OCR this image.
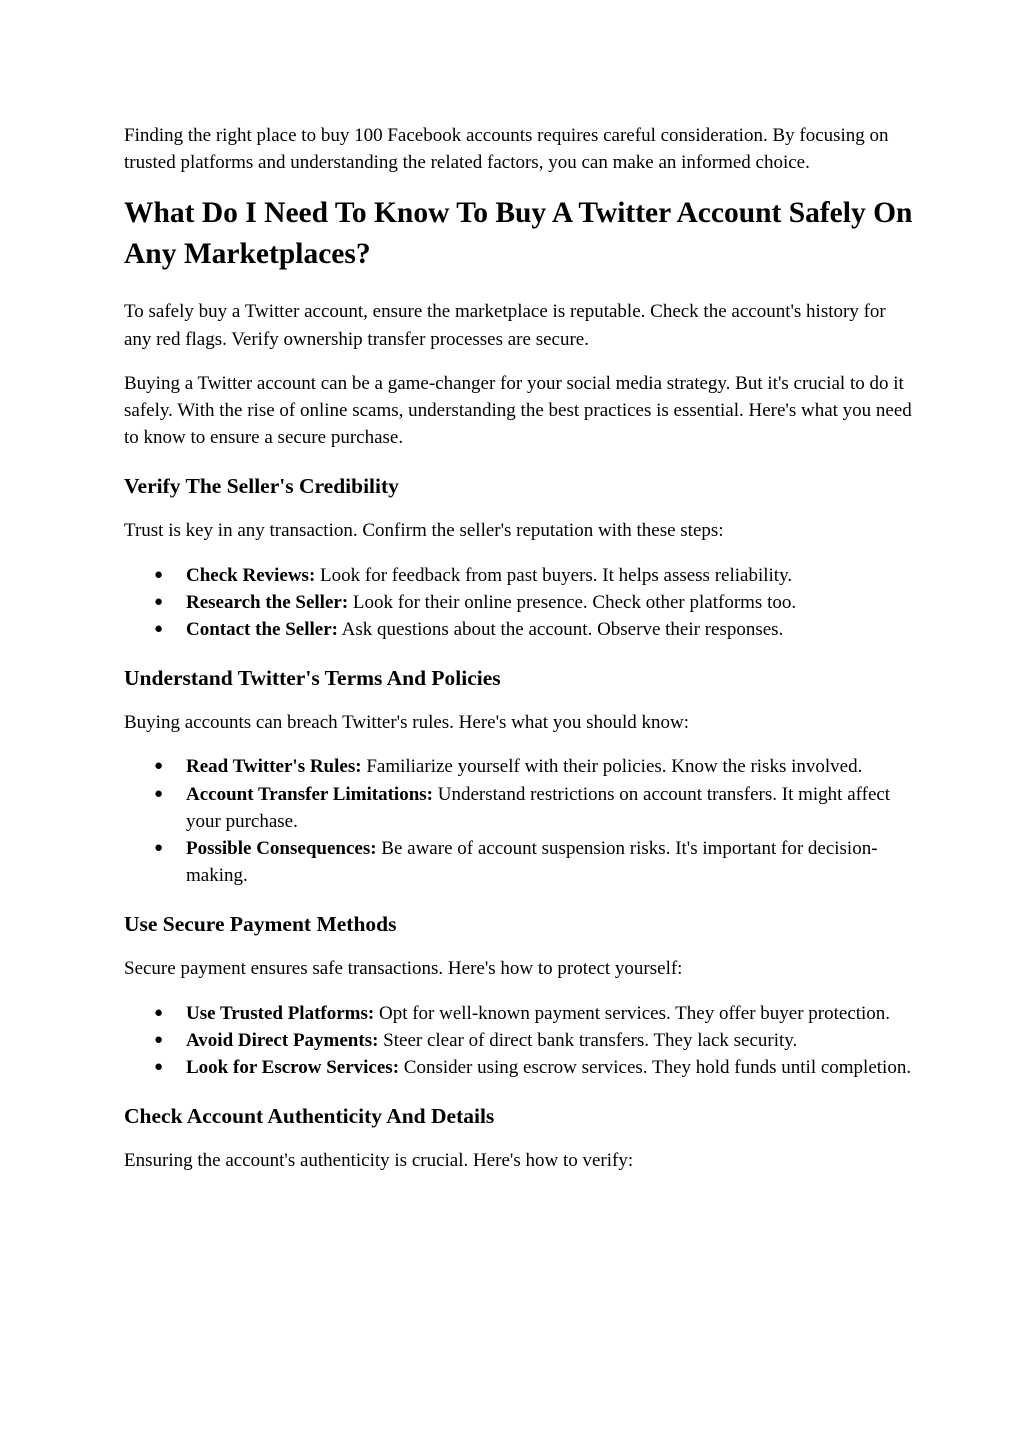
Finding the right place to buy 100 Facebook accounts requires careful consideration. By focusing on trusted platforms and understanding the related factors, you can make an informed choice.

What Do I Need To Know To Buy A Twitter Account Safely On Any Marketplaces?

To safely buy a Twitter account, ensure the marketplace is reputable. Check the account's history for any red flags. Verify ownership transfer processes are secure.

Buying a Twitter account can be a game-changer for your social media strategy. But it's crucial to do it safely. With the rise of online scams, understanding the best practices is essential. Here's what you need to know to ensure a secure purchase.

Verify The Seller's Credibility

Trust is key in any transaction. Confirm the seller's reputation with these steps:

● Check Reviews: Look for feedback from past buyers. It helps assess reliability.
● Research the Seller: Look for their online presence. Check other platforms too.
● Contact the Seller: Ask questions about the account. Observe their responses.
Understand Twitter's Terms And Policies

Buying accounts can breach Twitter's rules. Here's what you should know:

● Read Twitter's Rules: Familiarize yourself with their policies. Know the risks involved.
● Account Transfer Limitations: Understand restrictions on account transfers. It might affect your purchase.
● Possible Consequences: Be aware of account suspension risks. It's important for decision-making.
Use Secure Payment Methods

Secure payment ensures safe transactions. Here's how to protect yourself:

● Use Trusted Platforms: Opt for well-known payment services. They offer buyer protection.
● Avoid Direct Payments: Steer clear of direct bank transfers. They lack security.
● Look for Escrow Services: Consider using escrow services. They hold funds until completion.
Check Account Authenticity And Details

Ensuring the account's authenticity is crucial. Here's how to verify:
